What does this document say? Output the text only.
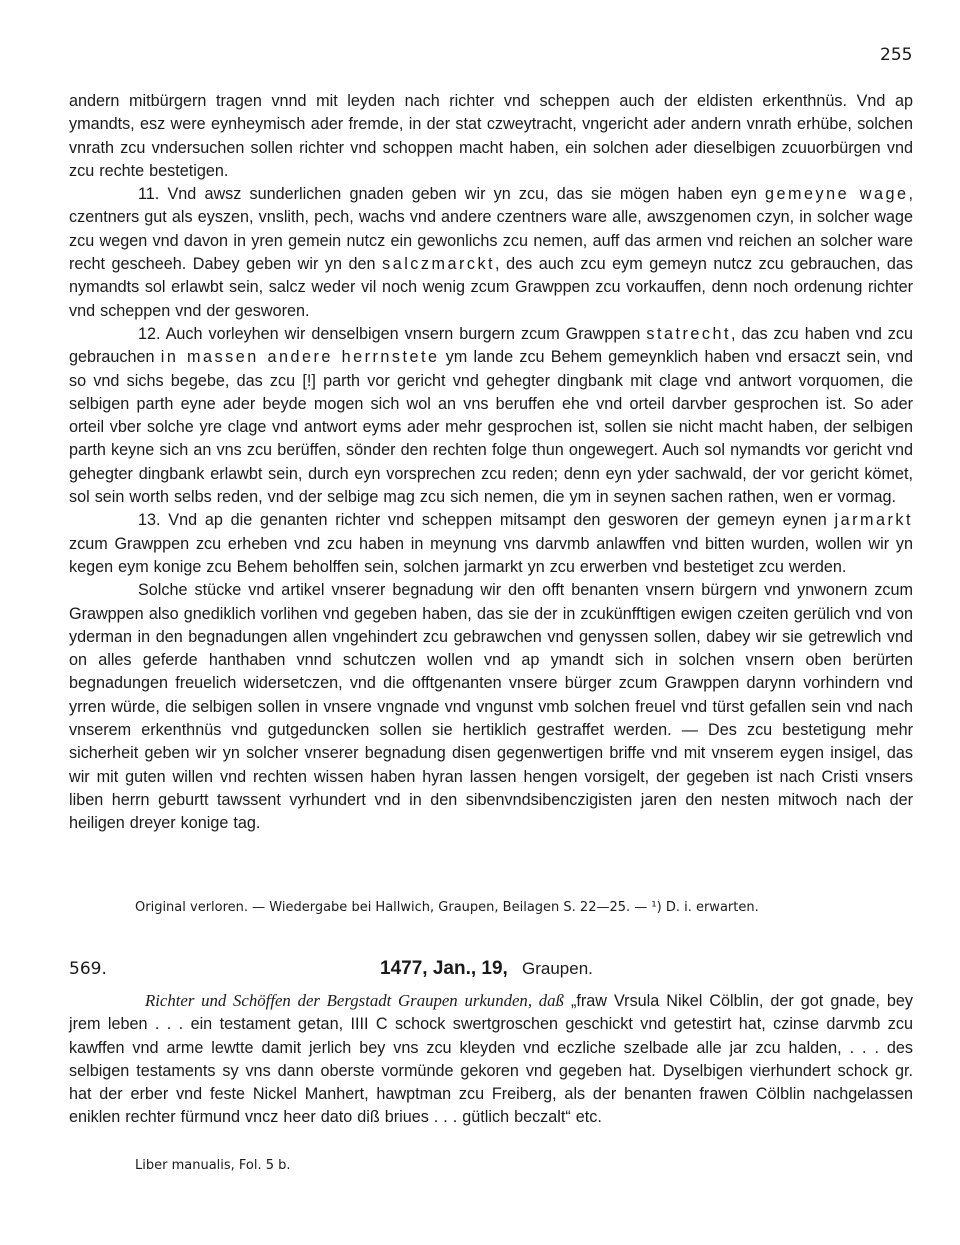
255

andern mitbürgern tragen vnnd mit leyden nach richter vnd scheppen auch der eldisten erkenthnüs. Vnd ap ymandts, esz were eynheymisch ader fremde, in der stat czweytracht, vngericht ader andern vnrath erhübe, solchen vnrath zcu vndersuchen sollen richter vnd schoppen macht haben, ein solchen ader dieselbigen zcuuorbürgen vnd zcu rechte bestetigen.

11. Vnd awsz sunderlichen gnaden geben wir yn zcu, das sie mögen haben eyn gemeyne wage, czentners gut als eyszen, vnslith, pech, wachs vnd andere czentners ware alle, awszgenomen czyn, in solcher wage zcu wegen vnd davon in yren gemein nutcz ein gewonlichs zcu nemen, auff das armen vnd reichen an solcher ware recht gescheeh. Dabey geben wir yn den salczmarckt, des auch zcu eym gemeyn nutcz zcu gebrauchen, das nymandts sol erlawbt sein, salcz weder vil noch wenig zcum Grawppen zcu vorkauffen, denn noch ordenung richter vnd scheppen vnd der gesworen.

12. Auch vorleyhen wir denselbigen vnsern burgern zcum Grawppen statrecht, das zcu haben vnd zcu gebrauchen in massen andere herrnstete ym lande zcu Behem gemeynklich haben vnd ersaczt sein, vnd so vnd sichs begebe, das zcu [!] parth vor gericht vnd gehegter dingbank mit clage vnd antwort vorquomen, die selbigen parth eyne ader beyde mogen sich wol an vns beruffen ehe vnd orteil darvber gesprochen ist. So ader orteil vber solche yre clage vnd antwort eyms ader mehr gesprochen ist, sollen sie nicht macht haben, der selbigen parth keyne sich an vns zcu berüffen, sönder den rechten folge thun ongewegert. Auch sol nymandts vor gericht vnd gehegter dingbank erlawbt sein, durch eyn vorsprechen zcu reden; denn eyn yder sachwald, der vor gericht kömet, sol sein worth selbs reden, vnd der selbige mag zcu sich nemen, die ym in seynen sachen rathen, wen er vormag.

13. Vnd ap die genanten richter vnd scheppen mitsampt den gesworen der gemeyn eynen jarmarkt zcum Grawppen zcu erheben vnd zcu haben in meynung vns darvmb anlawffen vnd bitten wurden, wollen wir yn kegen eym konige zcu Behem beholffen sein, solchen jarmarkt yn zcu erwerben vnd bestetiget zcu werden.

Solche stücke vnd artikel vnserer begnadung wir den offt benanten vnsern bürgern vnd ynwonern zcum Grawppen also gnediklich vorlihen vnd gegeben haben, das sie der in zcukünfftigen ewigen czeiten gerülich vnd von yderman in den begnadungen allen vngehindert zcu gebrawchen vnd genyssen sollen, dabey wir sie getrewlich vnd on alles geferde hanthaben vnnd schutczen wollen vnd ap ymandt sich in solchen vnsern oben berürten begnadungen freuelich widersetczen, vnd die offtgenanten vnsere bürger zcum Grawppen darynn vorhindern vnd yrren würde, die selbigen sollen in vnsere vngnade vnd vngunst vmb solchen freuel vnd türst gefallen sein vnd nach vnserem erkenthnüs vnd gutgeduncken sollen sie hertiklich gestraffet werden. — Des zcu bestetigung mehr sicherheit geben wir yn solcher vnserer begnadung disen gegenwertigen briffe vnd mit vnserem eygen insigel, das wir mit guten willen vnd rechten wissen haben hyran lassen hengen vorsigelt, der gegeben ist nach Cristi vnsers liben herrn geburtt tawssent vyrhundert vnd in den sibenvndsibenczigisten jaren den nesten mitwoch nach der heiligen dreyer konige tag.

Original verloren. — Wiedergabe bei Hallwich, Graupen, Beilagen S. 22—25. — ¹) D. i. erwarten.
569.	1477, Jan., 19, Graupen.

Richter und Schöffen der Bergstadt Graupen urkunden, daß „fraw Vrsula Nikel Cölblin, der got gnade, bey jrem leben . . . ein testament getan, IIII C schock swertgroschen geschickt vnd getestirt hat, czinse darvmb zcu kawffen vnd arme lewtte damit jerlich bey vns zcu kleyden vnd eczliche szelbade alle jar zcu halden, . . . des selbigen testaments sy vns dann oberste vormünde gekoren vnd gegeben hat. Dyselbigen vierhundert schock gr. hat der erber vnd feste Nickel Manhert, hawptman zcu Freiberg, als der benanten frawen Cölblin nachgelassen eniklen rechter fürmund vncz heer dato diß briues . . . gütlich beczalt“ etc.

Liber manualis, Fol. 5 b.
